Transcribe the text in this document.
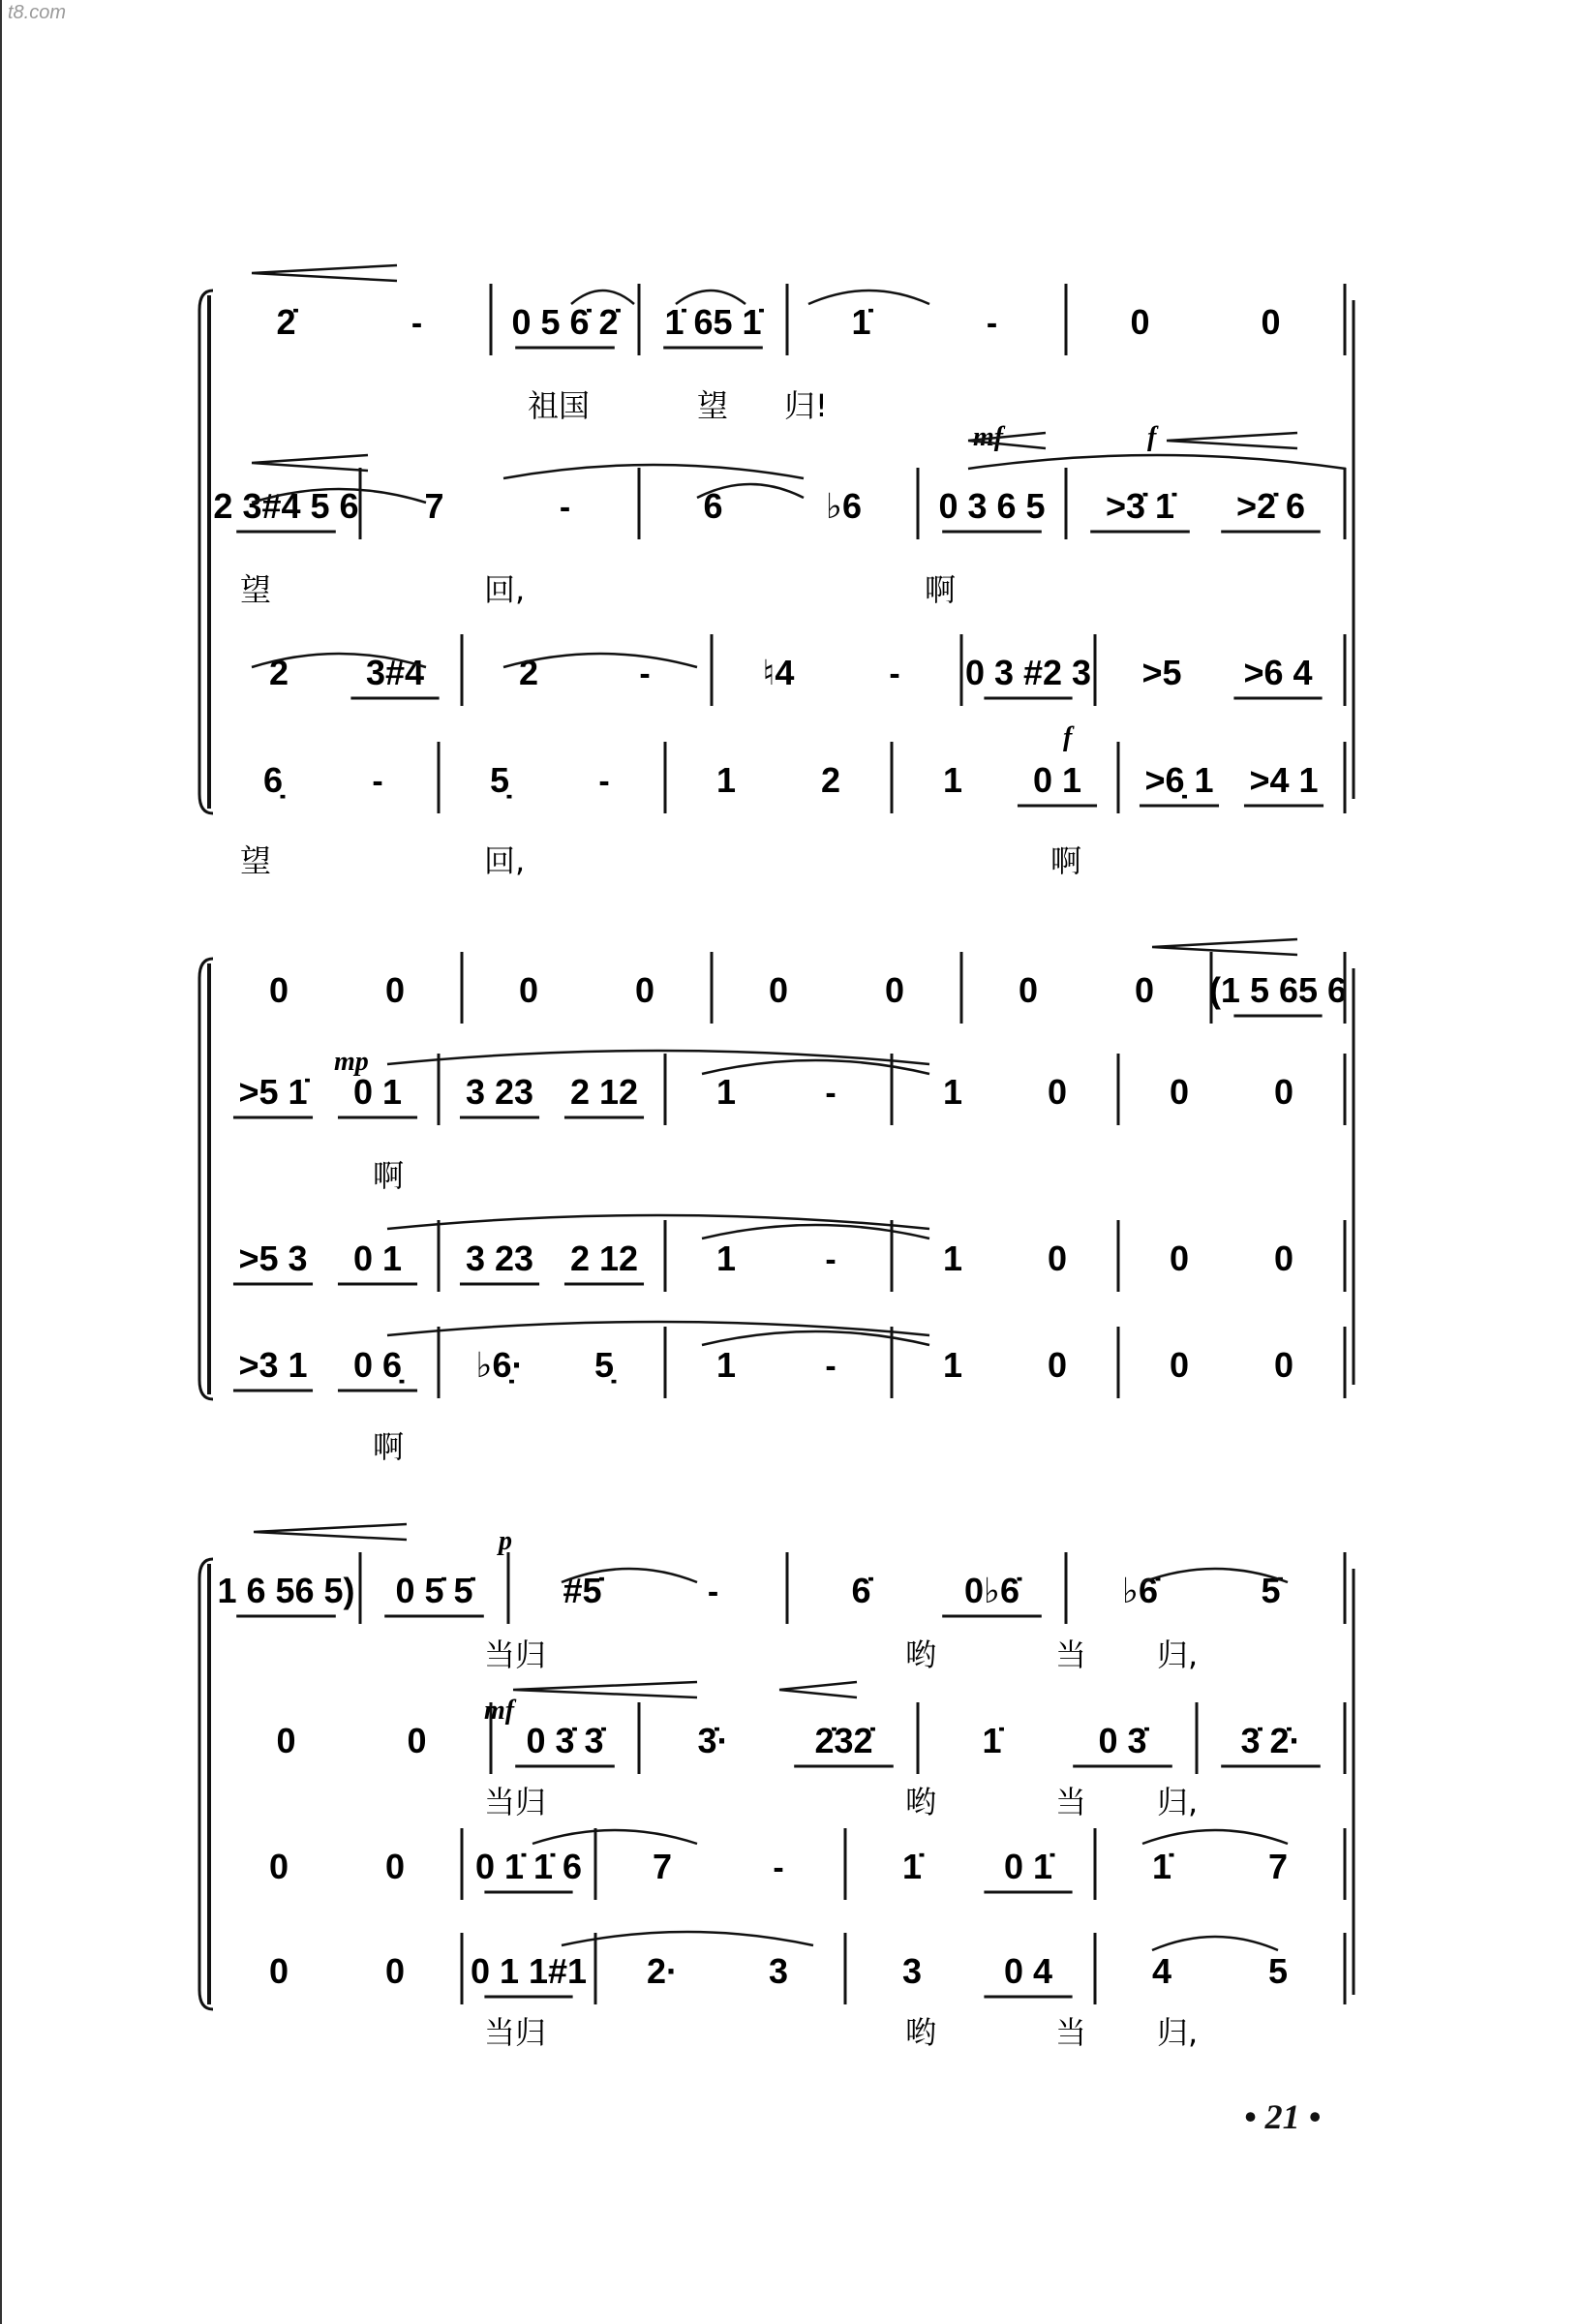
t8.com
2̇	-	0 5 6̇ 2̇ 1̇ 65 1̇	1̇	-	0	0
祖国	望 归!
2 3#4 5 6 7	-	6	♭6 0 3 6 5 >3̇ 1̇ >2̇ 6
望	回,	啊
mf	f
2 3#4	2	-	♮4	- 0 3 #2 3 >5 >6 4
6̣	-	5̣	-	1 2	1 0 1 >6̣ 1 >4 1
望	回,	啊
f
0	0	0	0	0	0	0	0 (1 5 65 6
>5 1̇ 0 1 3 23 2 12 1	-	1 0	0 0
啊
mp
>5 3 0 1 3 23 2 12 1	-	1 0	0 0
>3 1 0 6̣ ♭6̣· 5̣	1	-	1 0	0 0
啊
1 6 56 5) 0 5̇ 5̇	#5̇	-	6̇	0♭6̇	♭6̇	5̇
当归	哟	当 归,
p
0	0	0 3̇ 3̇	3̇· 2̇32̇	1̇	0 3̇	3̇ 2̇·
当归	哟	当 归,
mf
0	0 0 1̇ 1̇ 6 7	-	1̇ 0 1̇	1̇	7
0	0 0 1 1#1 2·	3	3 0 4	4	5
当归	哟	当 归,
• 21 •
